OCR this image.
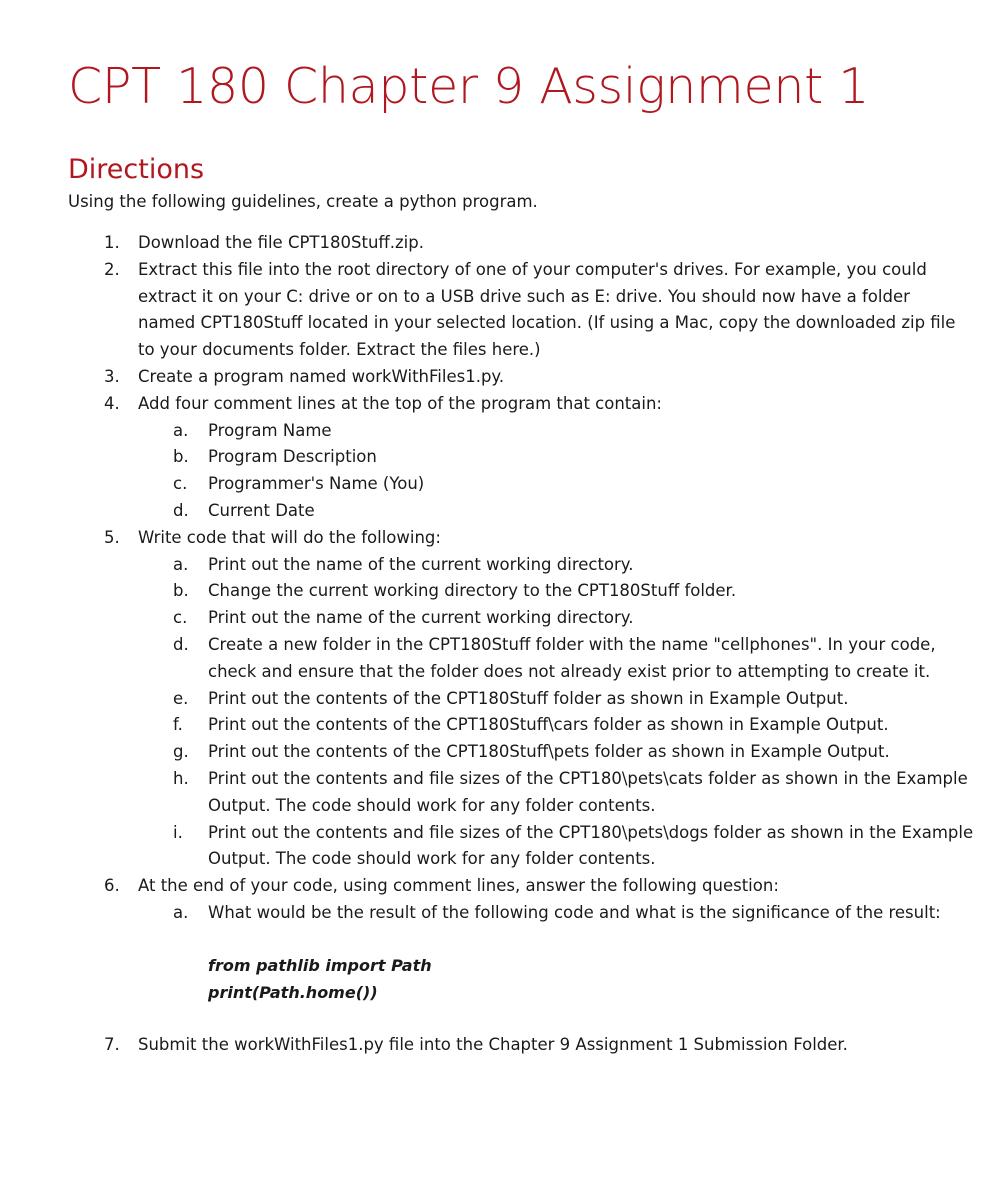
CPT 180 Chapter 9 Assignment 1
Directions

Using the following guidelines, create a python program.

1. Download the file CPT180Stuff.zip.
2. Extract this file into the root directory of one of your computer's drives. For example, you could extract it on your C: drive or on to a USB drive such as E: drive. You should now have a folder named CPT180Stuff located in your selected location. (If using a Mac, copy the downloaded zip file to your documents folder. Extract the files here.)
3. Create a program named workWithFiles1.py.
4. Add four comment lines at the top of the program that contain:
a. Program Name
b. Program Description
c. Programmer's Name (You)
d. Current Date
5. Write code that will do the following:
a. Print out the name of the current working directory.
b. Change the current working directory to the CPT180Stuff folder.
c. Print out the name of the current working directory.
d. Create a new folder in the CPT180Stuff folder with the name "cellphones". In your code, check and ensure that the folder does not already exist prior to attempting to create it.
e. Print out the contents of the CPT180Stuff folder as shown in Example Output.
f. Print out the contents of the CPT180Stuff\cars folder as shown in Example Output.
g. Print out the contents of the CPT180Stuff\pets folder as shown in Example Output.
h. Print out the contents and file sizes of the CPT180\pets\cats folder as shown in the Example Output. The code should work for any folder contents.
i. Print out the contents and file sizes of the CPT180\pets\dogs folder as shown in the Example Output. The code should work for any folder contents.
6. At the end of your code, using comment lines, answer the following question:
a. What would be the result of the following code and what is the significance of the result:
from pathlib import Path
print(Path.home())
7. Submit the workWithFiles1.py file into the Chapter 9 Assignment 1 Submission Folder.
